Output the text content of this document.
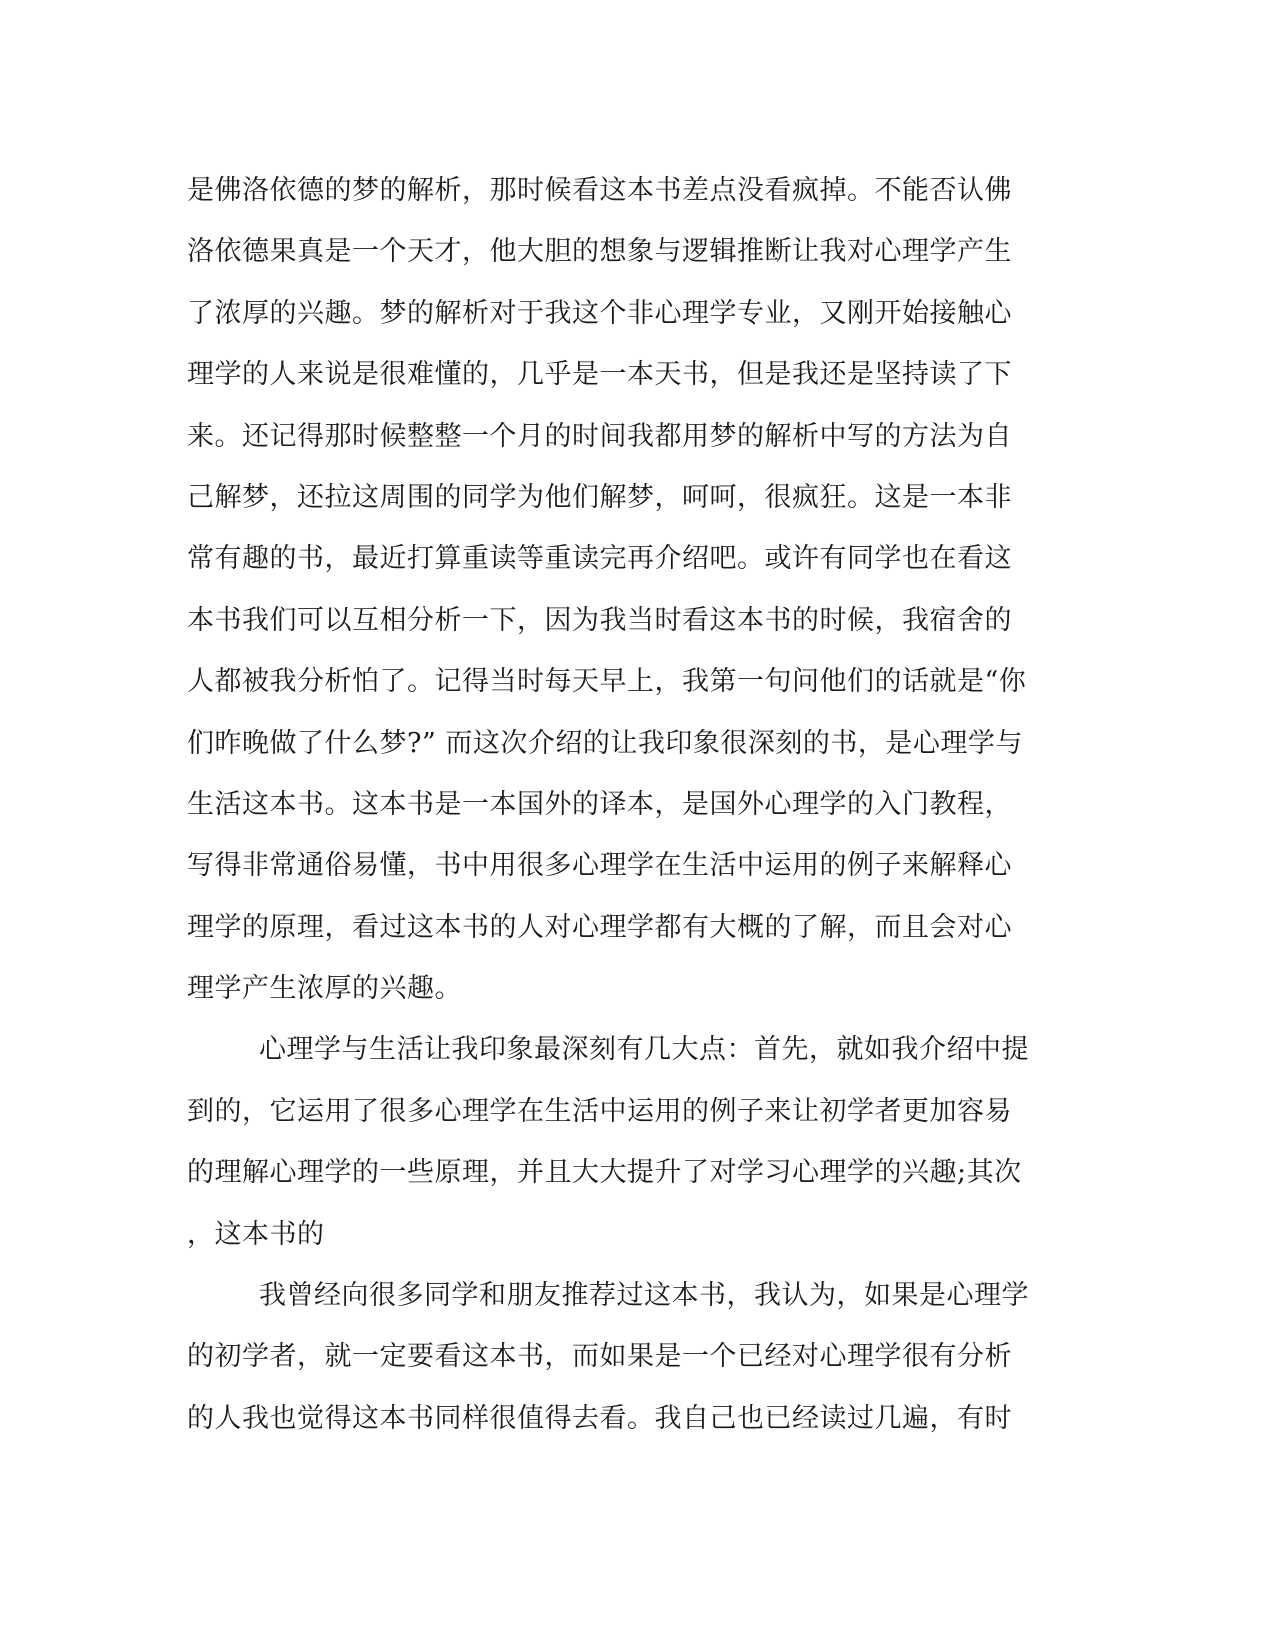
是佛洛依德的梦的解析，那时候看这本书差点没看疯掉。不能否认佛
洛依德果真是一个天才，他大胆的想象与逻辑推断让我对心理学产生
了浓厚的兴趣。梦的解析对于我这个非心理学专业，又刚开始接触心
理学的人来说是很难懂的，几乎是一本天书，但是我还是坚持读了下
来。还记得那时候整整一个月的时间我都用梦的解析中写的方法为自
己解梦，还拉这周围的同学为他们解梦，呵呵，很疯狂。这是一本非
常有趣的书，最近打算重读等重读完再介绍吧。或许有同学也在看这
本书我们可以互相分析一下，因为我当时看这本书的时候，我宿舍的
人都被我分析怕了。记得当时每天早上，我第一句问他们的话就是“你
们昨晚做了什么梦?” 而这次介绍的让我印象很深刻的书，是心理学与
生活这本书。这本书是一本国外的译本，是国外心理学的入门教程，
写得非常通俗易懂，书中用很多心理学在生活中运用的例子来解释心
理学的原理，看过这本书的人对心理学都有大概的了解，而且会对心
理学产生浓厚的兴趣。
心理学与生活让我印象最深刻有几大点：首先，就如我介绍中提
到的，它运用了很多心理学在生活中运用的例子来让初学者更加容易
的理解心理学的一些原理，并且大大提升了对学习心理学的兴趣;其次
，这本书的
我曾经向很多同学和朋友推荐过这本书，我认为，如果是心理学
的初学者，就一定要看这本书，而如果是一个已经对心理学很有分析
的人我也觉得这本书同样很值得去看。我自己也已经读过几遍，有时
